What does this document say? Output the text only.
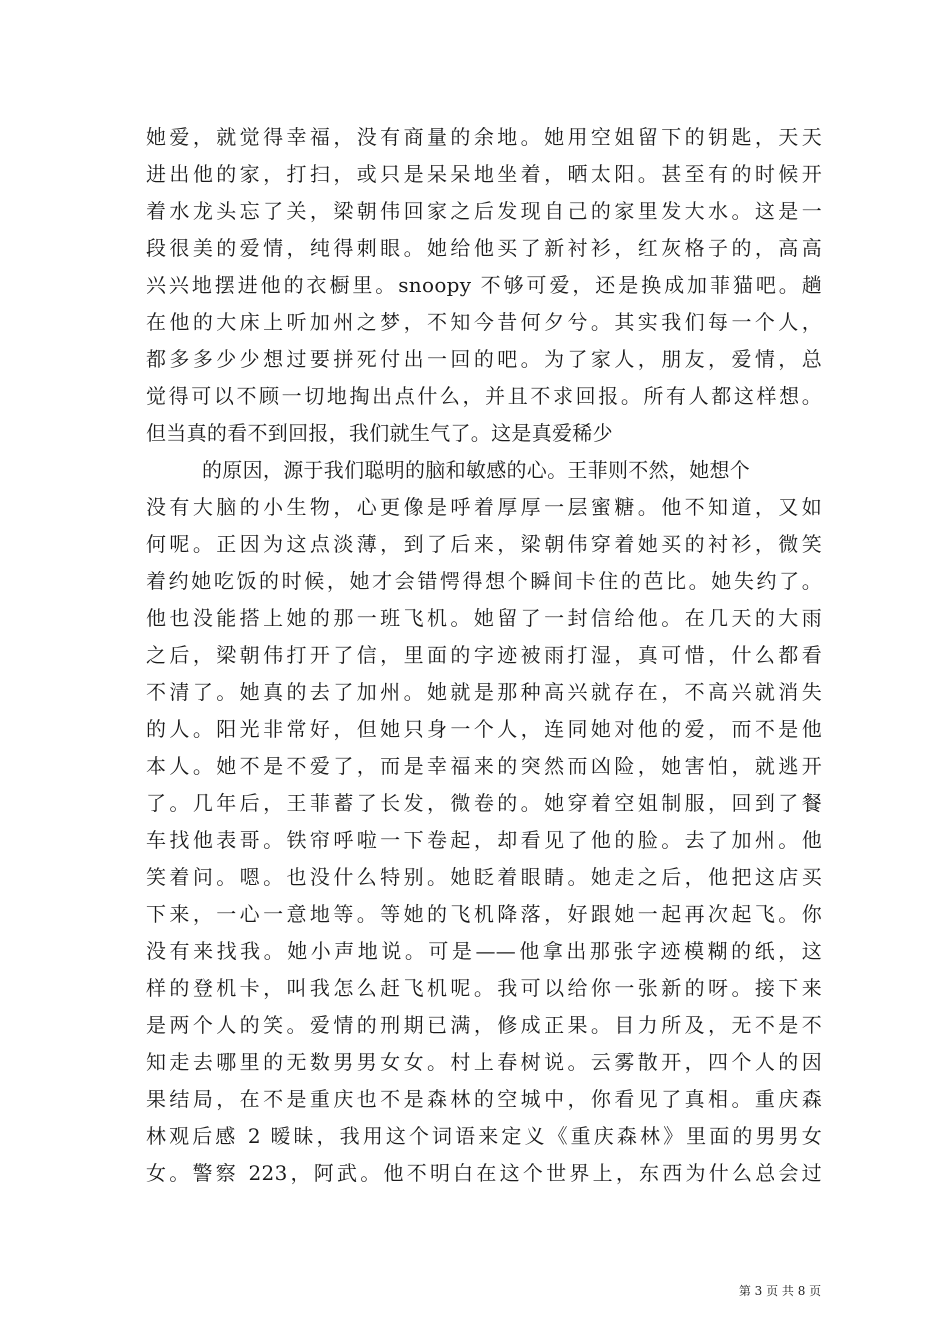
她爱，就觉得幸福，没有商量的余地。她用空姐留下的钥匙，天天
进出他的家，打扫，或只是呆呆地坐着，晒太阳。甚至有的时候开
着水龙头忘了关，梁朝伟回家之后发现自己的家里发大水。这是一
段很美的爱情，纯得刺眼。她给他买了新衬衫，红灰格子的，高高
兴兴地摆进他的衣橱里。snoopy 不够可爱，还是换成加菲猫吧。趟
在他的大床上听加州之梦，不知今昔何夕兮。其实我们每一个人，
都多多少少想过要拼死付出一回的吧。为了家人，朋友，爱情，总
觉得可以不顾一切地掏出点什么，并且不求回报。所有人都这样想。
但当真的看不到回报，我们就生气了。这是真爱稀少
的原因，源于我们聪明的脑和敏感的心。王菲则不然，她想个
没有大脑的小生物，心更像是呼着厚厚一层蜜糖。他不知道，又如
何呢。正因为这点淡薄，到了后来，梁朝伟穿着她买的衬衫，微笑
着约她吃饭的时候，她才会错愕得想个瞬间卡住的芭比。她失约了。
他也没能搭上她的那一班飞机。她留了一封信给他。在几天的大雨
之后，梁朝伟打开了信，里面的字迹被雨打湿，真可惜，什么都看
不清了。她真的去了加州。她就是那种高兴就存在，不高兴就消失
的人。阳光非常好，但她只身一个人，连同她对他的爱，而不是他
本人。她不是不爱了，而是幸福来的突然而凶险，她害怕，就逃开
了。几年后，王菲蓄了长发，微卷的。她穿着空姐制服，回到了餐
车找他表哥。铁帘呼啦一下卷起，却看见了他的脸。去了加州。他
笑着问。嗯。也没什么特别。她眨着眼睛。她走之后，他把这店买
下来，一心一意地等。等她的飞机降落，好跟她一起再次起飞。你
没有来找我。她小声地说。可是——他拿出那张字迹模糊的纸，这
样的登机卡，叫我怎么赶飞机呢。我可以给你一张新的呀。接下来
是两个人的笑。爱情的刑期已满，修成正果。目力所及，无不是不
知走去哪里的无数男男女女。村上春树说。云雾散开，四个人的因
果结局，在不是重庆也不是森林的空城中，你看见了真相。重庆森
林观后感 2 暧昧，我用这个词语来定义《重庆森林》里面的男男女
女。警察 223，阿武。他不明白在这个世界上，东西为什么总会过
第 3 页 共 8 页
